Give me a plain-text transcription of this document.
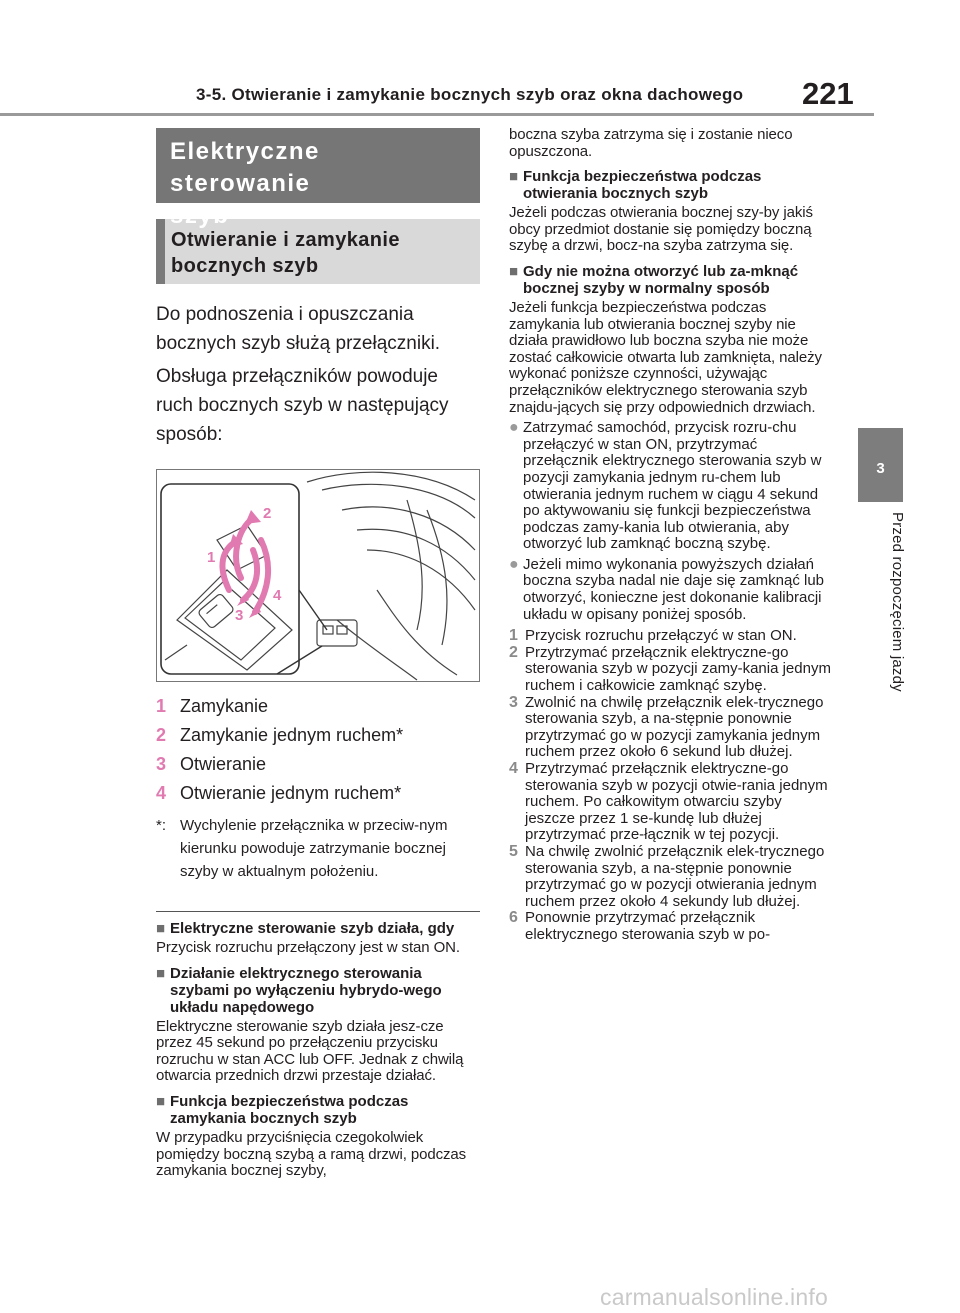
3-5. Otwieranie i zamykanie bocznych szyb oraz okna dachowego 221
3
Przed rozpoczęciem jazdy
Elektryczne sterowanie
szyb
Otwieranie i zamykanie
bocznych szyb

Do podnoszenia i opuszczania bocznych szyb służą przełączniki.

Obsługa przełączników powoduje ruch bocznych szyb w następujący sposób:

1
2
3
4
1 Zamykanie
2 Zamykanie jednym ruchem*
3 Otwieranie
4 Otwieranie jednym ruchem*
*: Wychylenie przełącznika w przeciw-nym kierunku powoduje zatrzymanie bocznej szyby w aktualnym położeniu.
■ Elektryczne sterowanie szyb działa, gdy

Przycisk rozruchu przełączony jest w stan ON.

■ Działanie elektrycznego sterowania szybami po wyłączeniu hybrydo-wego układu napędowego

Elektryczne sterowanie szyb działa jesz-cze przez 45 sekund po przełączeniu przycisku rozruchu w stan ACC lub OFF. Jednak z chwilą otwarcia przednich drzwi przestaje działać.

■ Funkcja bezpieczeństwa podczas zamykania bocznych szyb

W przypadku przyciśnięcia czegokolwiek pomiędzy boczną szybą a ramą drzwi, podczas zamykania bocznej szyby,

boczna szyba zatrzyma się i zostanie nieco opuszczona.

■ Funkcja bezpieczeństwa podczas otwierania bocznych szyb

Jeżeli podczas otwierania bocznej szy-by jakiś obcy przedmiot dostanie się pomiędzy boczną szybę a drzwi, bocz-na szyba zatrzyma się.

■ Gdy nie można otworzyć lub za-mknąć bocznej szyby w normalny sposób

Jeżeli funkcja bezpieczeństwa podczas zamykania lub otwierania bocznej szyby nie działa prawidłowo lub boczna szyba nie może zostać całkowicie otwarta lub zamknięta, należy wykonać poniższe czynności, używając przełączników elektrycznego sterowania szyb znajdu-jących się przy odpowiednich drzwiach.

● Zatrzymać samochód, przycisk rozru-chu przełączyć w stan ON, przytrzymać przełącznik elektrycznego sterowania szyb w pozycji zamykania jednym ru-chem lub otwierania jednym ruchem w ciągu 4 sekund po aktywowaniu się funkcji bezpieczeństwa podczas zamy-kania lub otwierania, aby otworzyć lub zamknąć boczną szybę.
● Jeżeli mimo wykonania powyższych działań boczna szyba nadal nie daje się zamknąć lub otworzyć, konieczne jest dokonanie kalibracji układu w opisany poniżej sposób.
1 Przycisk rozruchu przełączyć w stan ON.
2 Przytrzymać przełącznik elektryczne-go sterowania szyb w pozycji zamy-kania jednym ruchem i całkowicie zamknąć szybę.
3 Zwolnić na chwilę przełącznik elek-trycznego sterowania szyb, a na-stępnie ponownie przytrzymać go w pozycji zamykania jednym ruchem przez około 6 sekund lub dłużej.
4 Przytrzymać przełącznik elektryczne-go sterowania szyb w pozycji otwie-rania jednym ruchem. Po całkowitym otwarciu szyby jeszcze przez 1 se-kundę lub dłużej przytrzymać prze-łącznik w tej pozycji.
5 Na chwilę zwolnić przełącznik elek-trycznego sterowania szyb, a na-stępnie ponownie przytrzymać go w pozycji otwierania jednym ruchem przez około 4 sekundy lub dłużej.
6 Ponownie przytrzymać przełącznik elektrycznego sterowania szyb w po-
carmanualsonline.info
